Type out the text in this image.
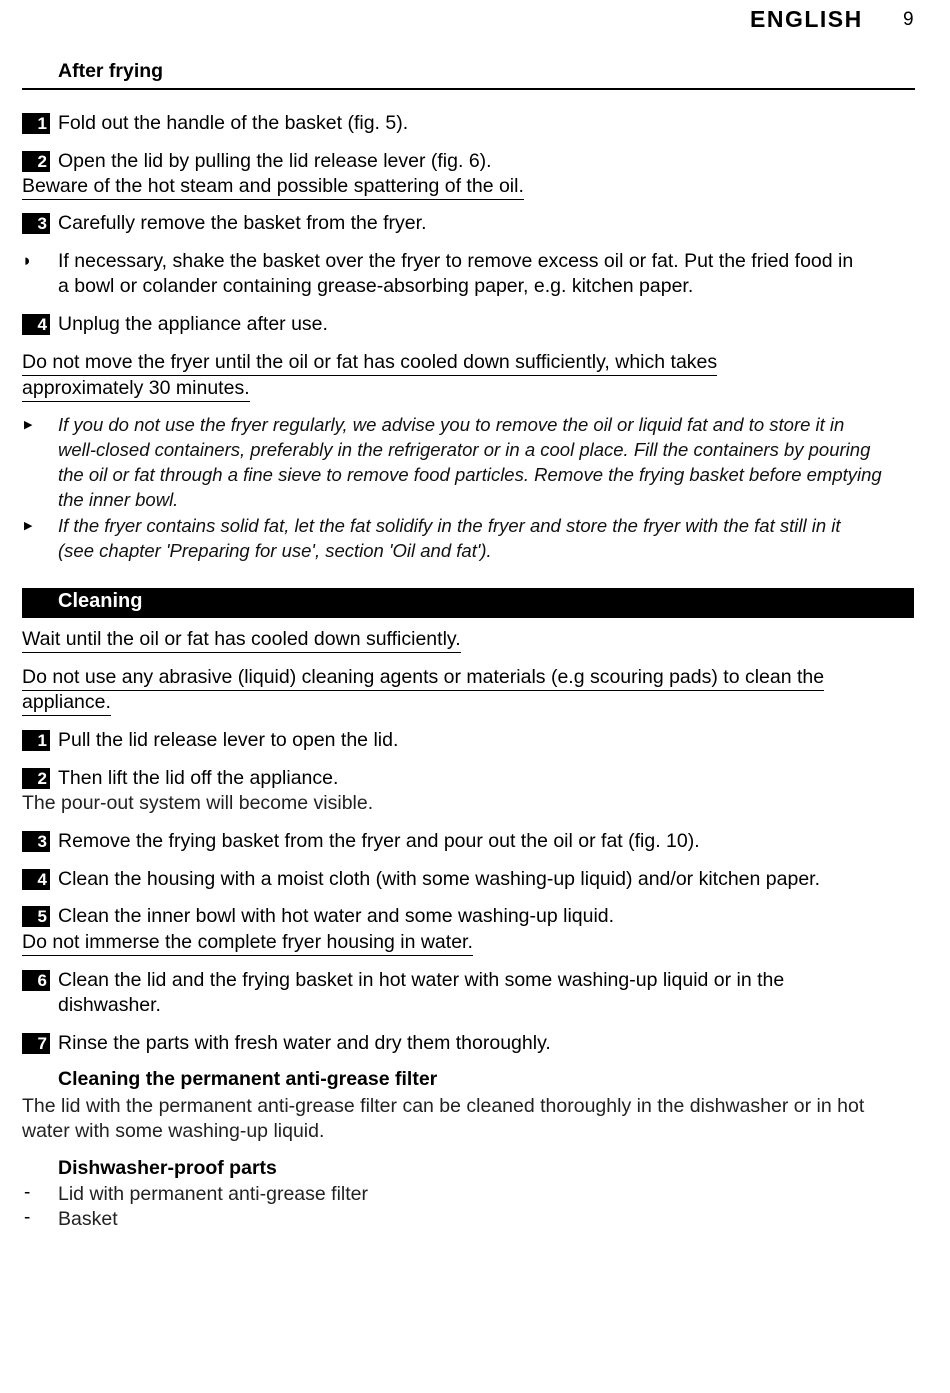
ENGLISH 9
After frying
1 Fold out the handle of the basket (fig. 5).
2 Open the lid by pulling the lid release lever (fig. 6).
Beware of the hot steam and possible spattering of the oil.
3 Carefully remove the basket from the fryer.
◗ If necessary, shake the basket over the fryer to remove excess oil or fat. Put the fried food in
a bowl or colander containing grease-absorbing paper, e.g. kitchen paper.
4 Unplug the appliance after use.
Do not move the fryer until the oil or fat has cooled down sufficiently, which takes
approximately 30 minutes.
▶ If you do not use the fryer regularly, we advise you to remove the oil or liquid fat and to store it in
well-closed containers, preferably in the refrigerator or in a cool place. Fill the containers by pouring
the oil or fat through a fine sieve to remove food particles. Remove the frying basket before emptying
the inner bowl.
▶ If the fryer contains solid fat, let the fat solidify in the fryer and store the fryer with the fat still in it
(see chapter 'Preparing for use', section 'Oil and fat').
Cleaning
Wait until the oil or fat has cooled down sufficiently.
Do not use any abrasive (liquid) cleaning agents or materials (e.g scouring pads) to clean the
appliance.
1 Pull the lid release lever to open the lid.
2 Then lift the lid off the appliance.
The pour-out system will become visible.
3 Remove the frying basket from the fryer and pour out the oil or fat (fig. 10).
4 Clean the housing with a moist cloth (with some washing-up liquid) and/or kitchen paper.
5 Clean the inner bowl with hot water and some washing-up liquid.
Do not immerse the complete fryer housing in water.
6 Clean the lid and the frying basket in hot water with some washing-up liquid or in the
dishwasher.
7 Rinse the parts with fresh water and dry them thoroughly.
Cleaning the permanent anti-grease filter
The lid with the permanent anti-grease filter can be cleaned thoroughly in the dishwasher or in hot
water with some washing-up liquid.
Dishwasher-proof parts
- Lid with permanent anti-grease filter
- Basket
